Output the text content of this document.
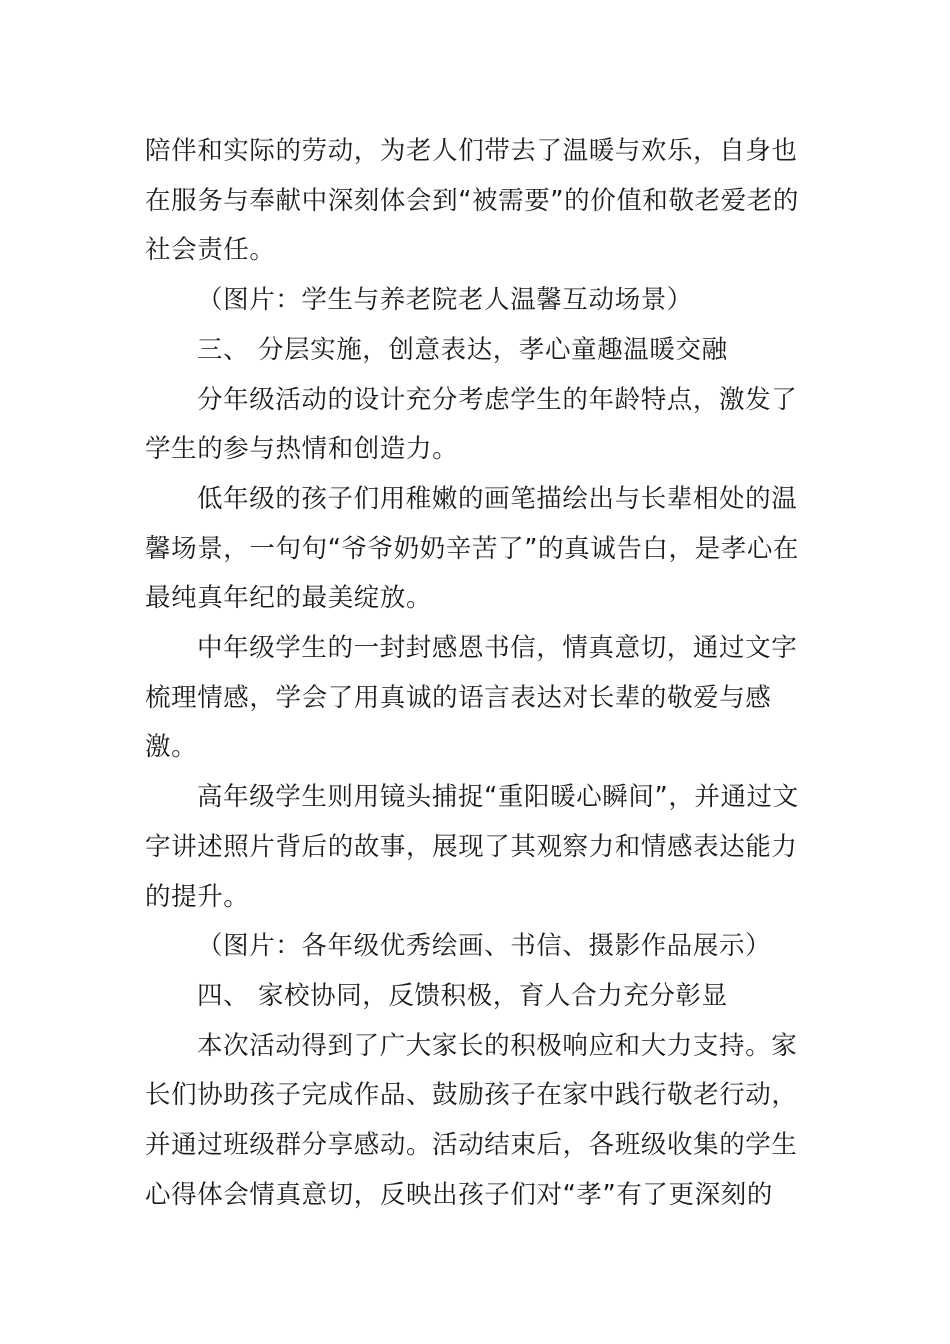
陪伴和实际的劳动，为老人们带去了温暖与欢乐，自身也在服务与奉献中深刻体会到“被需要”的价值和敬老爱老的社会责任。

（图片：学生与养老院老人温馨互动场景）

三、 分层实施，创意表达，孝心童趣温暖交融

分年级活动的设计充分考虑学生的年龄特点，激发了学生的参与热情和创造力。

低年级的孩子们用稚嫩的画笔描绘出与长辈相处的温馨场景，一句句“爷爷奶奶辛苦了”的真诚告白，是孝心在最纯真年纪的最美绽放。

中年级学生的一封封感恩书信，情真意切，通过文字梳理情感，学会了用真诚的语言表达对长辈的敬爱与感激。

高年级学生则用镜头捕捉“重阳暖心瞬间”，并通过文字讲述照片背后的故事，展现了其观察力和情感表达能力的提升。

（图片：各年级优秀绘画、书信、摄影作品展示）

四、 家校协同，反馈积极，育人合力充分彰显

本次活动得到了广大家长的积极响应和大力支持。家长们协助孩子完成作品、鼓励孩子在家中践行敬老行动，并通过班级群分享感动。活动结束后，各班级收集的学生心得体会情真意切，反映出孩子们对“孝”有了更深刻的
